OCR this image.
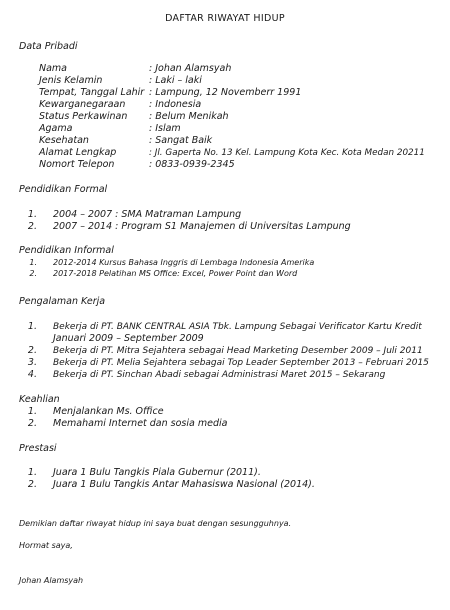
DAFTAR RIWAYAT HIDUP
Data Pribadi
Nama	: Johan Alamsyah
Jenis Kelamin	: Laki – laki
Tempat, Tanggal Lahir : Lampung, 12 Novemberr 1991
Kewarganegaraan : Indonesia
Status Perkawinan : Belum Menikah
Agama	: Islam
Kesehatan	: Sangat Baik
Alamat Lengkap	: Jl. Gaperta No. 13 Kel. Lampung Kota Kec. Kota Medan 20211
Nomort Telepon	: 0833-0939-2345
Pendidikan Formal
1. 2004 – 2007 : SMA Matraman Lampung
2. 2007 – 2014 : Program S1 Manajemen di Universitas Lampung
Pendidikan Informal
1. 2012-2014 Kursus Bahasa Inggris di Lembaga Indonesia Amerika
2. 2017-2018 Pelatihan MS Office: Excel, Power Point dan Word
Pengalaman Kerja
1. Bekerja di PT. BANK CENTRAL ASIA Tbk. Lampung Sebagai Verificator Kartu Kredit
Januari 2009 – September 2009
2. Bekerja di PT. Mitra Sejahtera sebagai Head Marketing Desember 2009 – Juli 2011
3. Bekerja di PT. Melia Sejahtera sebagai Top Leader September 2013 – Februari 2015
4. Bekerja di PT. Sinchan Abadi sebagai Administrasi Maret 2015 – Sekarang
Keahlian
1. Menjalankan Ms. Office
2. Memahami Internet dan sosia media
Prestasi
1. Juara 1 Bulu Tangkis Piala Gubernur (2011).
2. Juara 1 Bulu Tangkis Antar Mahasiswa Nasional (2014).
Demikian daftar riwayat hidup ini saya buat dengan sesungguhnya.
Hormat saya,
Johan Alamsyah
